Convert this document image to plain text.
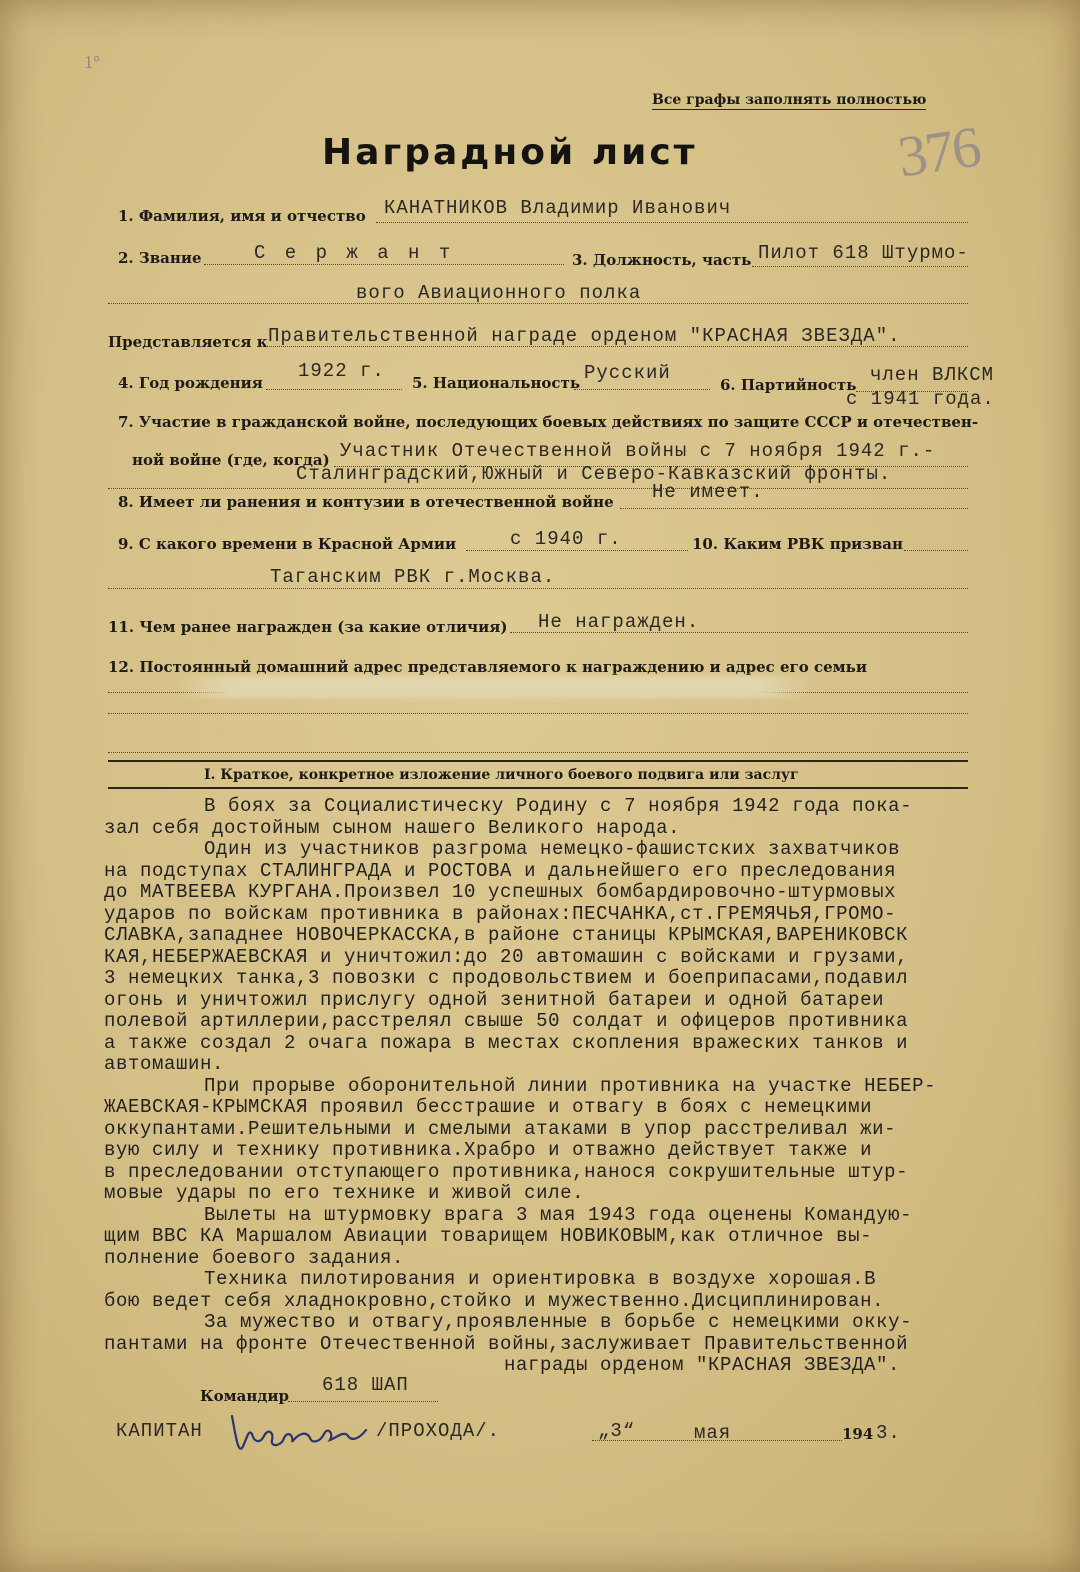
1°
Все графы заполнять полностью
Наградной лист	376
1. Фамилия, имя и отчество КАНАТНИКОВ Владимир Иванович
2. Звание	С е р ж а н т	3. Должность, часть Пилот 618 Штурмо-
вого Авиационного полка
Представляется к Правительственной награде орденом "КРАСНАЯ ЗВЕЗДА".
4. Год рождения
1922 г.
5. Национальность Русский
6. Партийность член ВЛКСМ
с 1941 года.
7. Участие в гражданской войне, последующих боевых действиях по защите СССР и отечествен-
ной войне (где, когда) Участник Отечественной войны с 7 ноября 1942 г.-
Сталинградский,Южный и Северо-Кавказский фронты.
8. Имеет ли ранения и контузии в отечественной войне Не имеет.
9. С какого времени в Красной Армии	с 1940 г.	10. Каким РВК призван
Таганским РВК г.Москва.
11. Чем ранее награжден (за какие отличия) Не награжден.
12. Постоянный домашний адрес представляемого к награждению и адрес его семьи
I. Краткое, конкретное изложение личного боевого подвига или заслуг
В боях за Социалистическу Родину с 7 ноября 1942 года пока-
зал себя достойным сыном нашего Великого народа.
Один из участников разгрома немецко-фашистских захватчиков
на подступах СТАЛИНГРАДА и РОСТОВА и дальнейшего его преследования
до МАТВЕЕВА КУРГАНА.Произвел 10 успешных бомбардировочно-штурмовых
ударов по войскам противника в районах:ПЕСЧАНКА,ст.ГРЕМЯЧЬЯ,ГРОМО-
СЛАВКА,западнее НОВОЧЕРКАССКА,в районе станицы КРЫМСКАЯ,ВАРЕНИКОВСК
КАЯ,НЕБЕРЖАЕВСКАЯ и уничтожил:до 20 автомашин с войсками и грузами,
3 немецких танка,3 повозки с продовольствием и боеприпасами,подавил
огонь и уничтожил прислугу одной зенитной батареи и одной батареи
полевой артиллерии,расстрелял свыше 50 солдат и офицеров противника
а также создал 2 очага пожара в местах скопления вражеских танков и
автомашин.
При прорыве оборонительной линии противника на участке НЕБЕР-
ЖАЕВСКАЯ-КРЫМСКАЯ проявил бесстрашие и отвагу в боях с немецкими
оккупантами.Решительными и смелыми атаками в упор расстреливал жи-
вую силу и технику противника.Храбро и отважно действует также и
в преследовании отступающего противника,нанося сокрушительные штур-
мовые удары по его технике и живой силе.
Вылеты на штурмовку врага 3 мая 1943 года оценены Командую-
щим ВВС КА Маршалом Авиации товарищем НОВИКОВЫМ,как отличное вы-
полнение боевого задания.
Техника пилотирования и ориентировка в воздухе хорошая.В
бою ведет себя хладнокровно,стойко и мужественно.Дисциплинирован.
За мужество и отвагу,проявленные в борьбе с немецкими окку-
пантами на фронте Отечественной войны,заслуживает Правительственной
награды орденом "КРАСНАЯ ЗВЕЗДА".
Командир 618 ШАП
КАПИТАН	/ПРОХОДА/.	„3“	мая	194 3.
